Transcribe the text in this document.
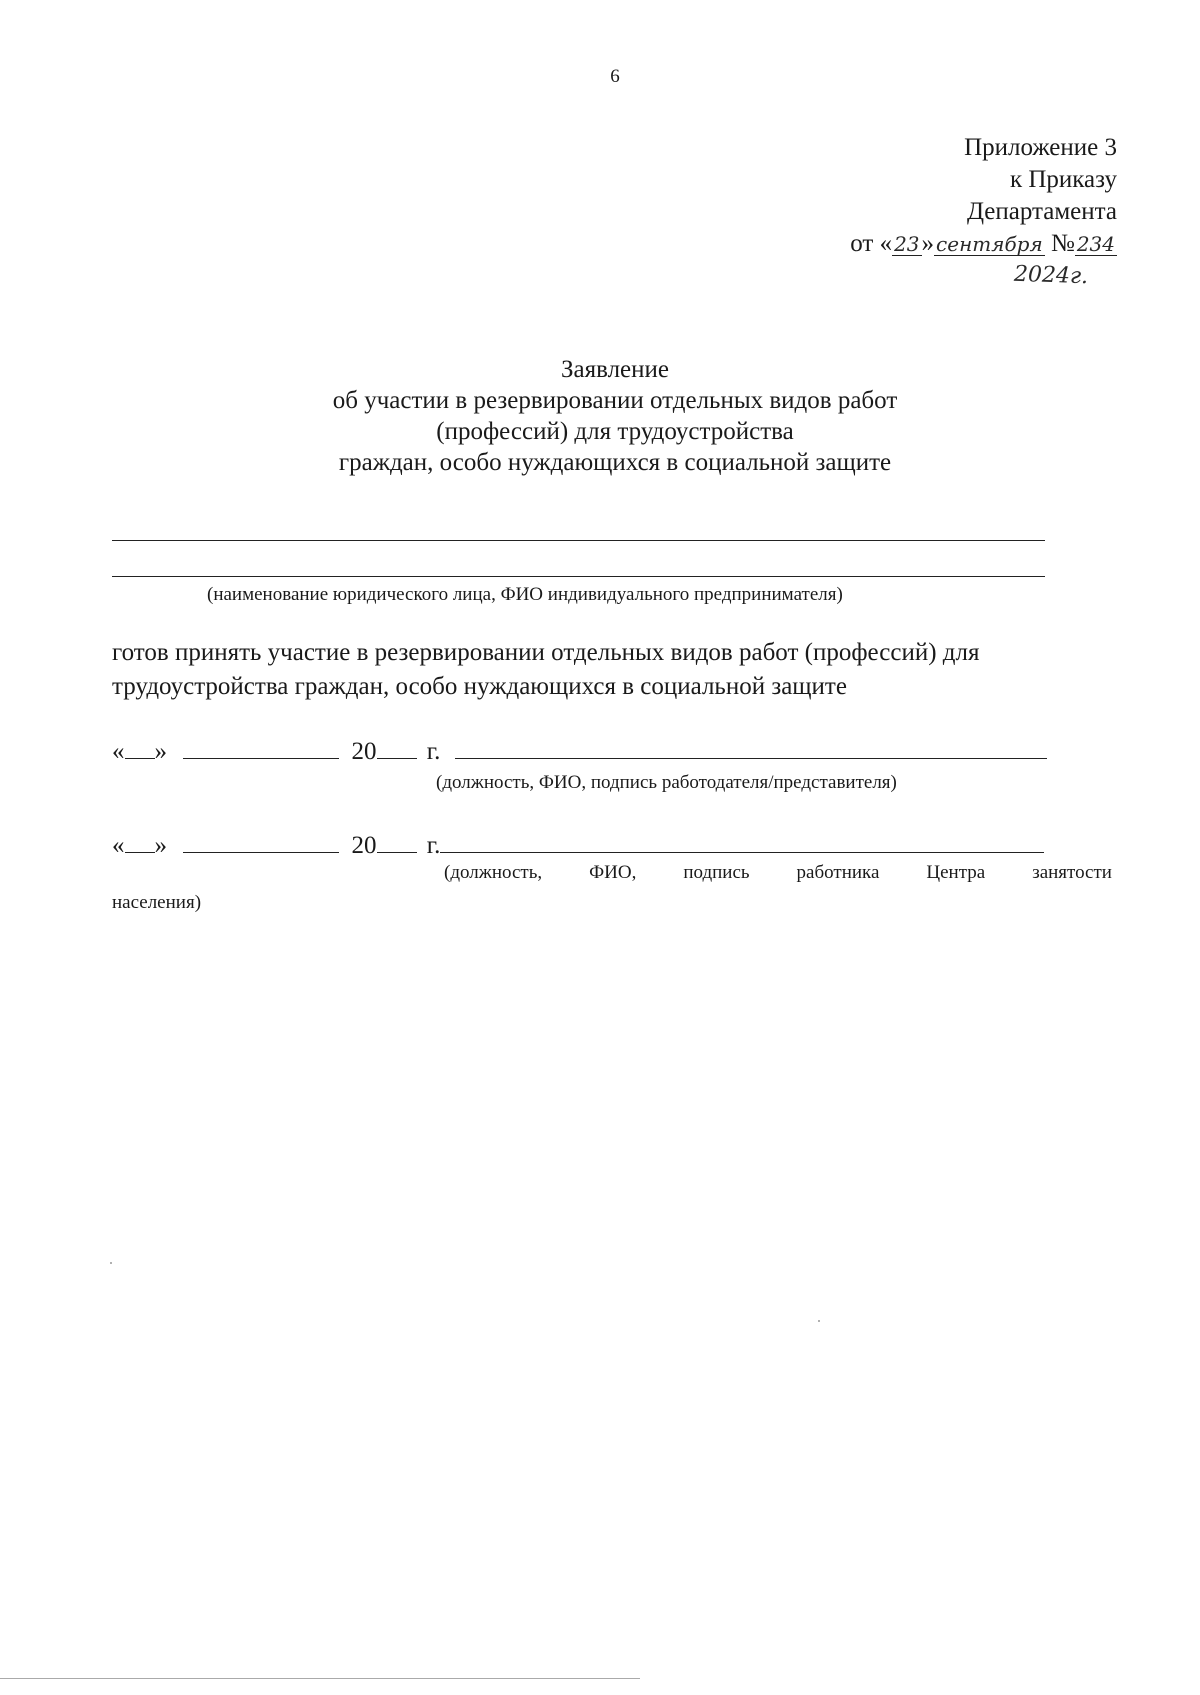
6
Приложение 3
к Приказу
Департамента
от « 23» сентября № 234
2024г.
Заявление
об участии в резервировании отдельных видов работ
(профессий) для трудоустройства
граждан, особо нуждающихся в социальной защите
(наименование юридического лица, ФИО индивидуального предпринимателя)
готов принять участие в резервировании отдельных видов работ (профессий) для трудоустройства граждан, особо нуждающихся в социальной защите
« »	20 г.
(должность, ФИО, подпись работодателя/представителя)
« »	20 г.
(должность, ФИО, подпись работника Центра занятости
населения)
